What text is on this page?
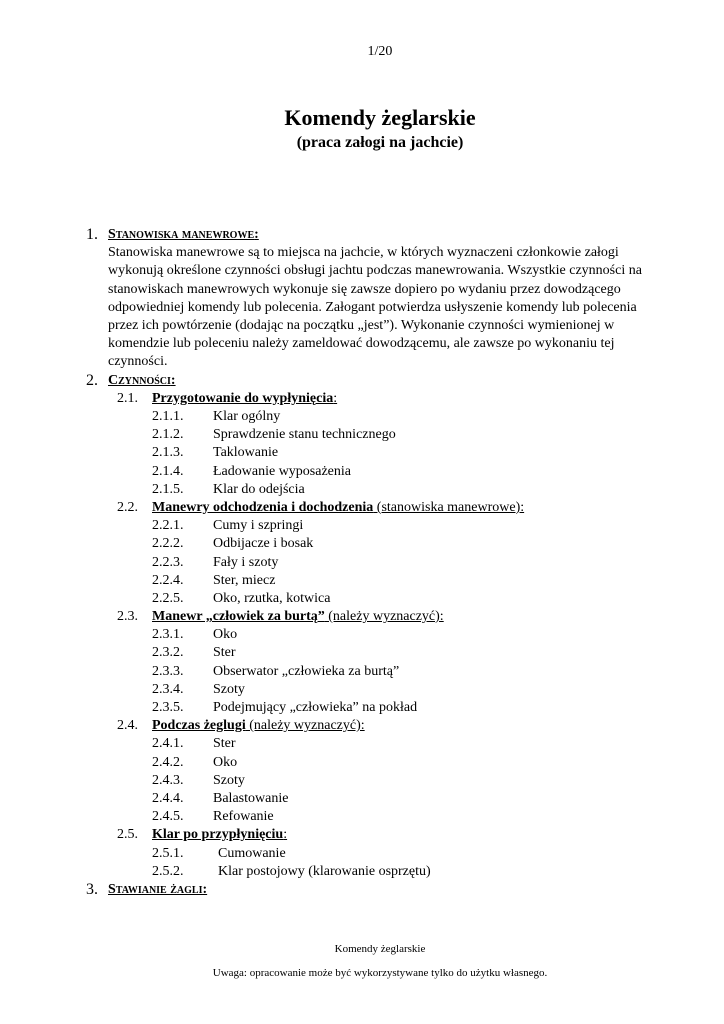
1/20
Komendy żeglarskie
(praca załogi na jachcie)
1. Stanowiska manewrowe:
Stanowiska manewrowe są to miejsca na jachcie, w których wyznaczeni członkowie załogi wykonują określone czynności obsługi jachtu podczas manewrowania. Wszystkie czynności na stanowiskach manewrowych wykonuje się zawsze dopiero po wydaniu przez dowodzącego odpowiedniej komendy lub polecenia. Załogant potwierdza usłyszenie komendy lub polecenia przez ich powtórzenie (dodając na początku „jest”). Wykonanie czynności wymienionej w komendzie lub poleceniu należy zameldować dowodzącemu, ale zawsze po wykonaniu tej czynności.
2. Czynności:
2.1. Przygotowanie do wypłynięcia:
2.1.1. Klar ogólny
2.1.2. Sprawdzenie stanu technicznego
2.1.3. Taklowanie
2.1.4. Ładowanie wyposażenia
2.1.5. Klar do odejścia
2.2. Manewry odchodzenia i dochodzenia (stanowiska manewrowe):
2.2.1. Cumy i szpringi
2.2.2. Odbijacze i bosak
2.2.3. Fały i szoty
2.2.4. Ster, miecz
2.2.5. Oko, rzutka, kotwica
2.3. Manewr „człowiek za burtą” (należy wyznaczyć):
2.3.1. Oko
2.3.2. Ster
2.3.3. Obserwator „człowieka za burtą”
2.3.4. Szoty
2.3.5. Podejmujący „człowieka” na pokład
2.4. Podczas żeglugi (należy wyznaczyć):
2.4.1. Ster
2.4.2. Oko
2.4.3. Szoty
2.4.4. Balastowanie
2.4.5. Refowanie
2.5. Klar po przypłynięciu:
2.5.1. Cumowanie
2.5.2. Klar postojowy (klarowanie osprzętu)
3. Stawianie żagli:
Komendy żeglarskie
Uwaga: opracowanie może być wykorzystywane tylko do użytku własnego.
